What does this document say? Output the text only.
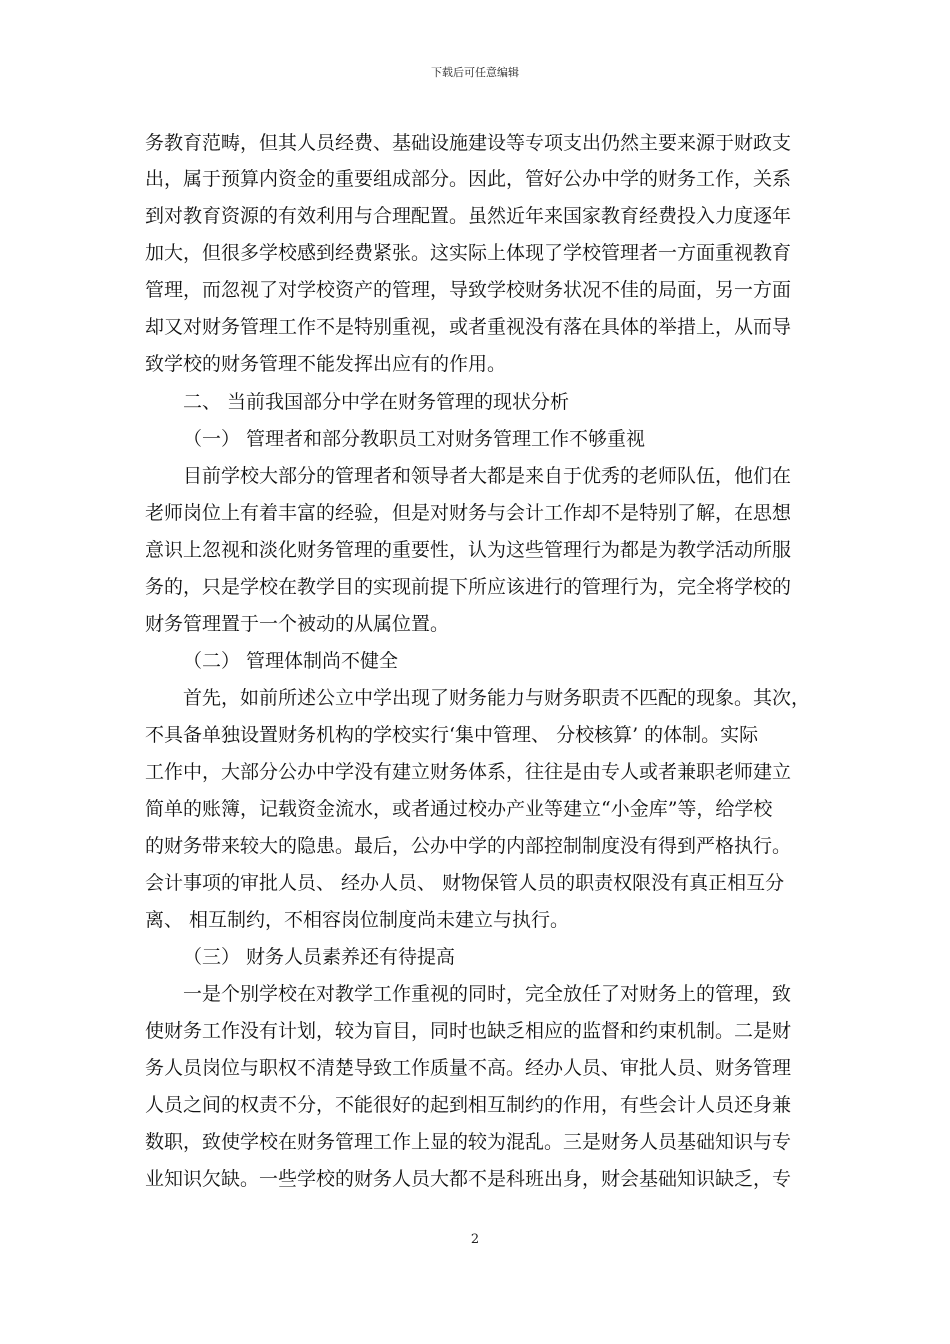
下载后可任意编辑
务教育范畴，但其人员经费、基础设施建设等专项支出仍然主要来源于财政支
出，属于预算内资金的重要组成部分。因此，管好公办中学的财务工作，关系
到对教育资源的有效利用与合理配置。虽然近年来国家教育经费投入力度逐年
加大，但很多学校感到经费紧张。这实际上体现了学校管理者一方面重视教育
管理，而忽视了对学校资产的管理，导致学校财务状况不佳的局面，另一方面
却又对财务管理工作不是特别重视，或者重视没有落在具体的举措上，从而导
致学校的财务管理不能发挥出应有的作用。
二、 当前我国部分中学在财务管理的现状分析
（一） 管理者和部分教职员工对财务管理工作不够重视
目前学校大部分的管理者和领导者大都是来自于优秀的老师队伍，他们在
老师岗位上有着丰富的经验，但是对财务与会计工作却不是特别了解，在思想
意识上忽视和淡化财务管理的重要性，认为这些管理行为都是为教学活动所服
务的，只是学校在教学目的实现前提下所应该进行的管理行为，完全将学校的
财务管理置于一个被动的从属位置。
（二） 管理体制尚不健全
首先，如前所述公立中学出现了财务能力与财务职责不匹配的现象。其次，
不具备单独设置财务机构的学校实行‘集中管理、 分校核算’ 的体制。实际
工作中，大部分公办中学没有建立财务体系，往往是由专人或者兼职老师建立
简单的账簿，记载资金流水，或者通过校办产业等建立“小金库”等，给学校
的财务带来较大的隐患。最后，公办中学的内部控制制度没有得到严格执行。
会计事项的审批人员、 经办人员、 财物保管人员的职责权限没有真正相互分
离、 相互制约，不相容岗位制度尚未建立与执行。
（三） 财务人员素养还有待提高
一是个别学校在对教学工作重视的同时，完全放任了对财务上的管理，致
使财务工作没有计划，较为盲目，同时也缺乏相应的监督和约束机制。二是财
务人员岗位与职权不清楚导致工作质量不高。经办人员、审批人员、财务管理
人员之间的权责不分，不能很好的起到相互制约的作用，有些会计人员还身兼
数职，致使学校在财务管理工作上显的较为混乱。三是财务人员基础知识与专
业知识欠缺。一些学校的财务人员大都不是科班出身，财会基础知识缺乏，专
2
